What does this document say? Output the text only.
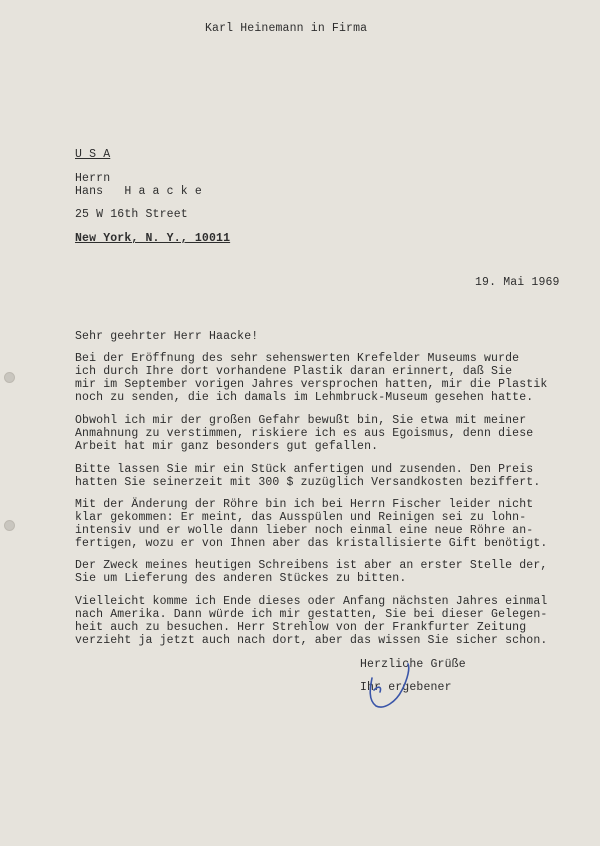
Karl Heinemann in Firma
U S A
Herrn
Hans   H a a c k e
25 W 16th Street
New York, N. Y., 10011
19. Mai 1969
Sehr geehrter Herr Haacke!
Bei der Eröffnung des sehr sehenswerten Krefelder Museums wurde
ich durch Ihre dort vorhandene Plastik daran erinnert, daß Sie
mir im September vorigen Jahres versprochen hatten, mir die Plastik
noch zu senden, die ich damals im Lehmbruck-Museum gesehen hatte.
Obwohl ich mir der großen Gefahr bewußt bin, Sie etwa mit meiner
Anmahnung zu verstimmen, riskiere ich es aus Egoismus, denn diese
Arbeit hat mir ganz besonders gut gefallen.
Bitte lassen Sie mir ein Stück anfertigen und zusenden. Den Preis
hatten Sie seinerzeit mit 300 $ zuzüglich Versandkosten beziffert.
Mit der Änderung der Röhre bin ich bei Herrn Fischer leider nicht
klar gekommen: Er meint, das Ausspülen und Reinigen sei zu lohn-
intensiv und er wolle dann lieber noch einmal eine neue Röhre an-
fertigen, wozu er von Ihnen aber das kristallisierte Gift benötigt.
Der Zweck meines heutigen Schreibens ist aber an erster Stelle der,
Sie um Lieferung des anderen Stückes zu bitten.
Vielleicht komme ich Ende dieses oder Anfang nächsten Jahres einmal
nach Amerika. Dann würde ich mir gestatten, Sie bei dieser Gelegen-
heit auch zu besuchen. Herr Strehlow von der Frankfurter Zeitung
verzieht ja jetzt auch nach dort, aber das wissen Sie sicher schon.
Herzliche Grüße
Ihr ergebener
